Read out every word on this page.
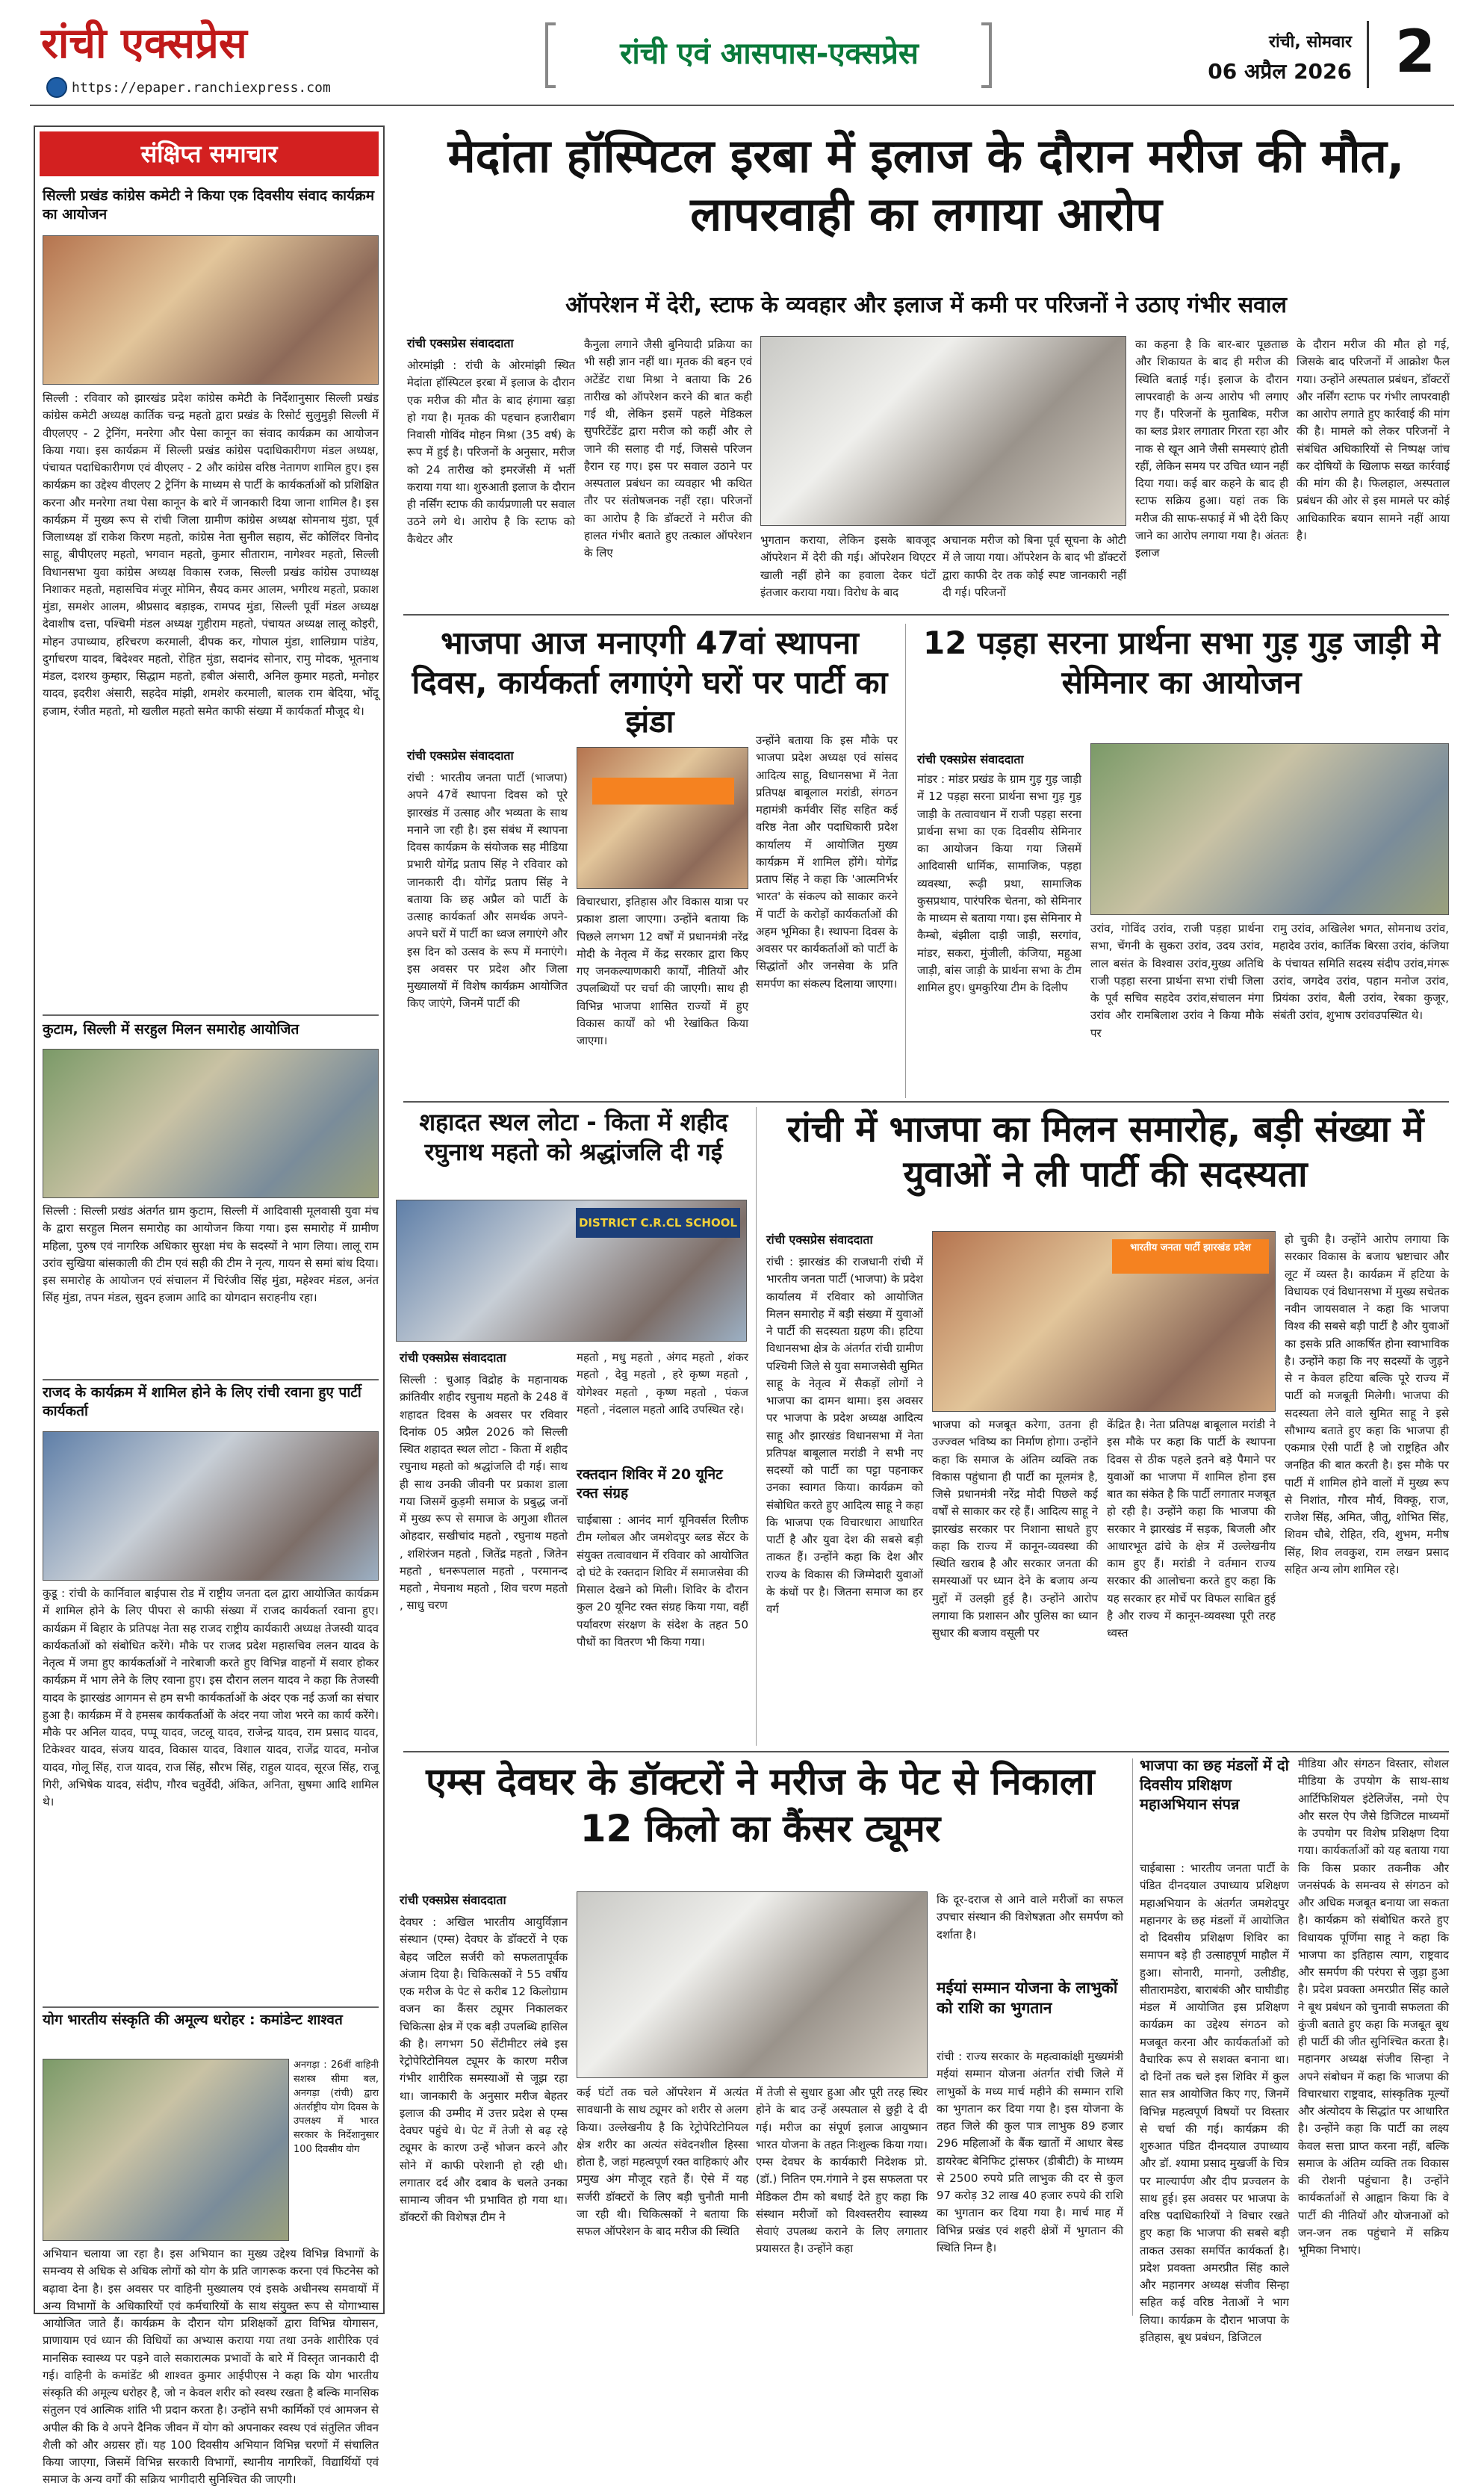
रांची एक्सप्रेस
https://epaper.ranchiexpress.com
रांची एवं आसपास-एक्सप्रेस	रांची, सोमवार
06 अप्रैल 2026 2
संक्षिप्त समाचार
सिल्ली प्रखंड कांग्रेस कमेटी ने किया एक दिवसीय संवाद कार्यक्रम का आयोजन
सिल्ली : रविवार को झारखंड प्रदेश कांग्रेस कमेटी के निर्देशानुसार सिल्ली प्रखंड कांग्रेस कमेटी अध्यक्ष कार्तिक चन्द्र महतो द्वारा प्रखंड के रिसोर्ट सुलुमुड़ी सिल्ली में वीएलएए - 2 ट्रेनिंग, मनरेगा और पेसा कानून का संवाद कार्यक्रम का आयोजन किया गया। इस कार्यक्रम में सिल्ली प्रखंड कांग्रेस पदाधिकारीगण मंडल अध्यक्ष, पंचायत पदाधिकारीगण एवं वीएलए - 2 और कांग्रेस वरिष्ठ नेतागण शामिल हुए। इस कार्यक्रम का उद्देश्य वीएलए 2 ट्रेनिंग के माध्यम से पार्टी के कार्यकर्ताओं को प्रशिक्षित करना और मनरेगा तथा पेसा कानून के बारे में जानकारी दिया जाना शामिल है। इस कार्यक्रम में मुख्य रूप से रांची जिला ग्रामीण कांग्रेस अध्यक्ष सोमनाथ मुंडा, पूर्व जिलाध्यक्ष डॉ राकेश किरण महतो, कांग्रेस नेता सुनील सहाय, सेंट कोलिंदर विनोद साहू, बीपीएलए महतो, भगवान महतो, कुमार सीताराम, नागेश्वर महतो, सिल्ली विधानसभा युवा कांग्रेस अध्यक्ष विकास रजक, सिल्ली प्रखंड कांग्रेस उपाध्यक्ष निशाकर महतो, महासचिव मंजूर मोमिन, सैयद कमर आलम, भगीरथ महतो, प्रकाश मुंडा, समशेर आलम, श्रीप्रसाद बड़ाइक, रामपद मुंडा, सिल्ली पूर्वी मंडल अध्यक्ष देवाशीष दत्ता, पश्चिमी मंडल अध्यक्ष गुहीराम महतो, पंचायत अध्यक्ष लालू कोइरी, मोहन उपाध्याय, हरिचरण करमाली, दीपक कर, गोपाल मुंडा, शालिग्राम पांडेय, दुर्गाचरण यादव, बिदेश्वर महतो, रोहित मुंडा, सदानंद सोनार, रामु मोदक, भूतनाथ मंडल, दशरथ कुम्हार, सिद्धाम महतो, हबील अंसारी, अनिल कुमार महतो, मनोहर यादव, इदरीश अंसारी, सहदेव मांझी, शमशेर करमाली, बालक राम बेदिया, भोंदू हजाम, रंजीत महतो, मो खलील महतो समेत काफी संख्या में कार्यकर्ता मौजूद थे।
कुटाम, सिल्ली में सरहुल मिलन समारोह आयोजित
सिल्ली : सिल्ली प्रखंड अंतर्गत ग्राम कुटाम, सिल्ली में आदिवासी मूलवासी युवा मंच के द्वारा सरहुल मिलन समारोह का आयोजन किया गया। इस समारोह में ग्रामीण महिला, पुरुष एवं नागरिक अधिकार सुरक्षा मंच के सदस्यों ने भाग लिया। लालू राम उरांव सुखिया बांसकाली की टीम एवं सही की टीम ने नृत्य, गायन से समां बांध दिया। इस समारोह के आयोजन एवं संचालन में चिरंजीव सिंह मुंडा, महेश्वर मंडल, अनंत सिंह मुंडा, तपन मंडल, सुदन हजाम आदि का योगदान सराहनीय रहा।
राजद के कार्यक्रम में शामिल होने के लिए रांची रवाना हुए पार्टी कार्यकर्ता
कुडू : रांची के कार्निवाल बाईपास रोड में राष्ट्रीय जनता दल द्वारा आयोजित कार्यक्रम में शामिल होने के लिए पीपरा से काफी संख्या में राजद कार्यकर्ता रवाना हुए। कार्यक्रम में बिहार के प्रतिपक्ष नेता सह राजद राष्ट्रीय कार्यकारी अध्यक्ष तेजस्वी यादव कार्यकर्ताओं को संबोधित करेंगे। मौके पर राजद प्रदेश महासचिव ललन यादव के नेतृत्व में जमा हुए कार्यकर्ताओं ने नारेबाजी करते हुए विभिन्न वाहनों में सवार होकर कार्यक्रम में भाग लेने के लिए रवाना हुए। इस दौरान ललन यादव ने कहा कि तेजस्वी यादव के झारखंड आगमन से हम सभी कार्यकर्ताओं के अंदर एक नई ऊर्जा का संचार हुआ है। कार्यक्रम में वे हमसब कार्यकर्ताओं के अंदर नया जोश भरने का कार्य करेंगे। मौके पर अनिल यादव, पप्पू यादव, जटलू यादव, राजेन्द्र यादव, राम प्रसाद यादव, टिकेश्वर यादव, संजय यादव, विकास यादव, विशाल यादव, राजेंद्र यादव, मनोज यादव, गोलू सिंह, राज यादव, राज सिंह, सौरभ सिंह, राहुल यादव, सूरज सिंह, राजू गिरी, अभिषेक यादव, संदीप, गौरव चतुर्वेदी, अंकित, अनिता, सुषमा आदि शामिल थे।
योग भारतीय संस्कृति की अमूल्य धरोहर : कमांडेन्ट शाश्वत
अनगड़ा : 26वीं वाहिनी सशस्त्र सीमा बल, अनगड़ा (रांची) द्वारा अंतर्राष्ट्रीय योग दिवस के उपलक्ष्य में भारत सरकार के निर्देशानुसार 100 दिवसीय योग
अभियान चलाया जा रहा है। इस अभियान का मुख्य उद्देश्य विभिन्न विभागों के समन्वय से अधिक से अधिक लोगों को योग के प्रति जागरूक करना एवं फिटनेस को बढ़ावा देना है। इस अवसर पर वाहिनी मुख्यालय एवं इसके अधीनस्थ समवायों में अन्य विभागों के अधिकारियों एवं कर्मचारियों के साथ संयुक्त रूप से योगाभ्यास आयोजित जाते हैं। कार्यक्रम के दौरान योग प्रशिक्षकों द्वारा विभिन्न योगासन, प्राणायाम एवं ध्यान की विधियों का अभ्यास कराया गया तथा उनके शारीरिक एवं मानसिक स्वास्थ्य पर पड़ने वाले सकारात्मक प्रभावों के बारे में विस्तृत जानकारी दी गई। वाहिनी के कमांडेंट श्री शाश्वत कुमार आईपीएस ने कहा कि योग भारतीय संस्कृति की अमूल्य धरोहर है, जो न केवल शरीर को स्वस्थ रखता है बल्कि मानसिक संतुलन एवं आत्मिक शांति भी प्रदान करता है। उन्होंने सभी कार्मिकों एवं आमजन से अपील की कि वे अपने दैनिक जीवन में योग को अपनाकर स्वस्थ एवं संतुलित जीवन शैली को और अग्रसर हों। यह 100 दिवसीय अभियान विभिन्न चरणों में संचालित किया जाएगा, जिसमें विभिन्न सरकारी विभागों, स्थानीय नागरिकों, विद्यार्थियों एवं समाज के अन्य वर्गों की सक्रिय भागीदारी सुनिश्चित की जाएगी।
मेदांता हॉस्पिटल इरबा में इलाज के दौरान मरीज की मौत, लापरवाही का लगाया आरोप
ऑपरेशन में देरी, स्टाफ के व्यवहार और इलाज में कमी पर परिजनों ने उठाए गंभीर सवाल
रांची एक्सप्रेस संवाददाता
ओरमांझी : रांची के ओरमांझी स्थित मेदांता हॉस्पिटल इरबा में इलाज के दौरान एक मरीज की मौत के बाद हंगामा खड़ा हो गया है। मृतक की पहचान हजारीबाग निवासी गोविंद मोहन मिश्रा (35 वर्ष) के रूप में हुई है। परिजनों के अनुसार, मरीज को 24 तारीख को इमरजेंसी में भर्ती कराया गया था। शुरुआती इलाज के दौरान ही नर्सिंग स्टाफ की कार्यप्रणाली पर सवाल उठने लगे थे। आरोप है कि स्टाफ को कैथेटर और
कैनुला लगाने जैसी बुनियादी प्रक्रिया का भी सही ज्ञान नहीं था। मृतक की बहन एवं अटेंडेंट राधा मिश्रा ने बताया कि 26 तारीख को ऑपरेशन करने की बात कही गई थी, लेकिन इसमें पहले मेडिकल सुपरिटेंडेंट द्वारा मरीज को कहीं और ले जाने की सलाह दी गई, जिससे परिजन हैरान रह गए। इस पर सवाल उठाने पर अस्पताल प्रबंधन का व्यवहार भी कथित तौर पर संतोषजनक नहीं रहा। परिजनों का आरोप है कि डॉक्टरों ने मरीज की हालत गंभीर बताते हुए तत्काल ऑपरेशन के लिए
भुगतान कराया, लेकिन इसके बावजूद ऑपरेशन में देरी की गई। ऑपरेशन थिएटर खाली नहीं होने का हवाला देकर घंटों इंतजार कराया गया। विरोध के बाद
अचानक मरीज को बिना पूर्व सूचना के ओटी में ले जाया गया। ऑपरेशन के बाद भी डॉक्टरों द्वारा काफी देर तक कोई स्पष्ट जानकारी नहीं दी गई। परिजनों
का कहना है कि बार-बार पूछताछ और शिकायत के बाद ही मरीज की स्थिति बताई गई। इलाज के दौरान लापरवाही के अन्य आरोप भी लगाए गए हैं। परिजनों के मुताबिक, मरीज का ब्लड प्रेशर लगातार गिरता रहा और नाक से खून आने जैसी समस्याएं होती रहीं, लेकिन समय पर उचित ध्यान नहीं दिया गया। कई बार कहने के बाद ही स्टाफ सक्रिय हुआ। यहां तक कि मरीज की साफ-सफाई में भी देरी किए जाने का आरोप लगाया गया है। अंततः इलाज
के दौरान मरीज की मौत हो गई, जिसके बाद परिजनों में आक्रोश फैल गया। उन्होंने अस्पताल प्रबंधन, डॉक्टरों और नर्सिंग स्टाफ पर गंभीर लापरवाही का आरोप लगाते हुए कार्रवाई की मांग की है। मामले को लेकर परिजनों ने संबंधित अधिकारियों से निष्पक्ष जांच कर दोषियों के खिलाफ सख्त कार्रवाई की मांग की है। फिलहाल, अस्पताल प्रबंधन की ओर से इस मामले पर कोई आधिकारिक बयान सामने नहीं आया है।
भाजपा आज मनाएगी 47वां स्थापना दिवस, कार्यकर्ता लगाएंगे घरों पर पार्टी का झंडा
रांची एक्सप्रेस संवाददाता
रांची : भारतीय जनता पार्टी (भाजपा) अपने 47वें स्थापना दिवस को पूरे झारखंड में उत्साह और भव्यता के साथ मनाने जा रही है। इस संबंध में स्थापना दिवस कार्यक्रम के संयोजक सह मीडिया प्रभारी योगेंद्र प्रताप सिंह ने रविवार को जानकारी दी। योगेंद्र प्रताप सिंह ने बताया कि छह अप्रैल को पार्टी के उत्साह कार्यकर्ता और समर्थक अपने-अपने घरों में पार्टी का ध्वज लगाएंगे और इस दिन को उत्सव के रूप में मनाएंगे। इस अवसर पर प्रदेश और जिला मुख्यालयों में विशेष कार्यक्रम आयोजित किए जाएंगे, जिनमें पार्टी की
विचारधारा, इतिहास और विकास यात्रा पर प्रकाश डाला जाएगा। उन्होंने बताया कि पिछले लगभग 12 वर्षों में प्रधानमंत्री नरेंद्र मोदी के नेतृत्व में केंद्र सरकार द्वारा किए गए जनकल्याणकारी कार्यों, नीतियों और उपलब्धियों पर चर्चा की जाएगी। साथ ही विभिन्न भाजपा शासित राज्यों में हुए विकास कार्यों को भी रेखांकित किया जाएगा।
उन्होंने बताया कि इस मौके पर भाजपा प्रदेश अध्यक्ष एवं सांसद आदित्य साहू, विधानसभा में नेता प्रतिपक्ष बाबूलाल मरांडी, संगठन महामंत्री कर्मवीर सिंह सहित कई वरिष्ठ नेता और पदाधिकारी प्रदेश कार्यालय में आयोजित मुख्य कार्यक्रम में शामिल होंगे। योगेंद्र प्रताप सिंह ने कहा कि 'आत्मनिर्भर भारत' के संकल्प को साकार करने में पार्टी के करोड़ों कार्यकर्ताओं की अहम भूमिका है। स्थापना दिवस के अवसर पर कार्यकर्ताओं को पार्टी के सिद्धांतों और जनसेवा के प्रति समर्पण का संकल्प दिलाया जाएगा।
12 पड़हा सरना प्रार्थना सभा गुड़ गुड़ जाड़ी मे सेमिनार का आयोजन
रांची एक्सप्रेस संवाददाता
मांडर : मांडर प्रखंड के ग्राम गुड़ गुड़ जाड़ी में 12 पड़हा सरना प्रार्थना सभा गुड़ गुड़ जाड़ी के तत्वावधान में राजी पड़हा सरना प्रार्थना सभा का एक दिवसीय सेमिनार का आयोजन किया गया जिसमें आदिवासी धार्मिक, सामाजिक, पड़हा व्यवस्था, रूढ़ी प्रथा, सामाजिक कुसप्रथाय, पारंपरिक चेतना, को सेमिनार के माध्यम से बताया गया। इस सेमिनार मे कैम्बो, बंझीला दाड़ी जाड़ी, सरगांव, मांडर, सकरा, मुंजीली, कंजिया, महुआ जाड़ी, बांस जाड़ी के प्रार्थना सभा के टीम शामिल हुए। धुमकुरिया टीम के दिलीप
उरांव, गोविंद उरांव, राजी पड़हा प्रार्थना सभा, चेंगनी के सुकरा उरांव, उदय उरांव, लाल बसंत के विश्वास उरांव,मुख्य अतिथि राजी पड़हा सरना प्रार्थना सभा रांची जिला के पूर्व सचिव सहदेव उरांव,संचालन मंगा उरांव और रामबिलाश उरांव ने किया मौके पर
रामु उरांव, अखिलेश भगत, सोमनाथ उरांव, महादेव उरांव, कार्तिक बिरसा उरांव, कंजिया के पंचायत समिति सदस्य संदीप उरांव,मंगरू उरांव, जगदेव उरांव, पहान मनोज उरांव, प्रियंका उरांव, बैली उरांव, रेबका कुजूर, संबंती उरांव, शुभाष उरांवउपस्थित थे।
शहादत स्थल लोटा - किता में शहीद रघुनाथ महतो को श्रद्धांजलि दी गई
DISTRICT C.R.CL SCHOOL
रांची एक्सप्रेस संवाददाता
सिल्ली : चुआड़ विद्रोह के महानायक क्रांतिवीर शहीद रघुनाथ महतो के 248 वें शहादत दिवस के अवसर पर रविवार दिनांक 05 अप्रैल 2026 को सिल्ली स्थित शहादत स्थल लोटा - किता में शहीद रघुनाथ महतो को श्रद्धांजलि दी गई। साथ ही साथ उनकी जीवनी पर प्रकाश डाला गया जिसमें कुड़मी समाज के प्रबुद्ध जनों में मुख्य रूप से समाज के अगुआ शीतल ओहदार, सखीचांद महतो , रघुनाथ महतो , शशिरंजन महतो , जितेंद्र महतो , जितेन महतो , धनरूपलाल महतो , परमानन्द महतो , मेघनाथ महतो , शिव चरण महतो , साधु चरण
महतो , मधु महतो , अंगद महतो , शंकर महतो , देवु महतो , हरे कृष्ण महतो , योगेश्वर महतो , कृष्ण महतो , पंकज महतो , नंदलाल महतो आदि उपस्थित रहे।
रक्तदान शिविर में 20 यूनिट रक्त संग्रह
चाईबासा : आनंद मार्ग यूनिवर्सल रिलीफ टीम ग्लोबल और जमशेदपुर ब्लड सेंटर के संयुक्त तत्वावधान में रविवार को आयोजित दो घंटे के रक्तदान शिविर में समाजसेवा की मिसाल देखने को मिली। शिविर के दौरान कुल 20 यूनिट रक्त संग्रह किया गया, वहीं पर्यावरण संरक्षण के संदेश के तहत 50 पौधों का वितरण भी किया गया।
रांची में भाजपा का मिलन समारोह, बड़ी संख्या में युवाओं ने ली पार्टी की सदस्यता
रांची एक्सप्रेस संवाददाता
रांची : झारखंड की राजधानी रांची में भारतीय जनता पार्टी (भाजपा) के प्रदेश कार्यालय में रविवार को आयोजित मिलन समारोह में बड़ी संख्या में युवाओं ने पार्टी की सदस्यता ग्रहण की। हटिया विधानसभा क्षेत्र के अंतर्गत रांची ग्रामीण पश्चिमी जिले से युवा समाजसेवी सुमित साहू के नेतृत्व में सैकड़ों लोगों ने भाजपा का दामन थामा। इस अवसर पर भाजपा के प्रदेश अध्यक्ष आदित्य साहू और झारखंड विधानसभा में नेता प्रतिपक्ष बाबूलाल मरांडी ने सभी नए सदस्यों को पार्टी का पट्टा पहनाकर उनका स्वागत किया। कार्यक्रम को संबोधित करते हुए आदित्य साहू ने कहा कि भाजपा एक विचारधारा आधारित पार्टी है और युवा देश की सबसे बड़ी ताकत हैं। उन्होंने कहा कि देश और राज्य के विकास की जिम्मेदारी युवाओं के कंधों पर है। जितना समाज का हर वर्ग
भारतीय जनता पार्टी झारखंड प्रदेश
भाजपा को मजबूत करेगा, उतना ही उज्ज्वल भविष्य का निर्माण होगा। उन्होंने कहा कि समाज के अंतिम व्यक्ति तक विकास पहुंचाना ही पार्टी का मूलमंत्र है, जिसे प्रधानमंत्री नरेंद्र मोदी पिछले कई वर्षों से साकार कर रहे हैं। आदित्य साहू ने झारखंड सरकार पर निशाना साधते हुए कहा कि राज्य में कानून-व्यवस्था की स्थिति खराब है और सरकार जनता की समस्याओं पर ध्यान देने के बजाय अन्य मुद्दों में उलझी हुई है। उन्होंने आरोप लगाया कि प्रशासन और पुलिस का ध्यान सुधार की बजाय वसूली पर
केंद्रित है। नेता प्रतिपक्ष बाबूलाल मरांडी ने इस मौके पर कहा कि पार्टी के स्थापना दिवस से ठीक पहले इतने बड़े पैमाने पर युवाओं का भाजपा में शामिल होना इस बात का संकेत है कि पार्टी लगातार मजबूत हो रही है। उन्होंने कहा कि भाजपा की सरकार ने झारखंड में सड़क, बिजली और आधारभूत ढांचे के क्षेत्र में उल्लेखनीय काम हुए हैं। मरांडी ने वर्तमान राज्य सरकार की आलोचना करते हुए कहा कि यह सरकार हर मोर्चे पर विफल साबित हुई है और राज्य में कानून-व्यवस्था पूरी तरह ध्वस्त
हो चुकी है। उन्होंने आरोप लगाया कि सरकार विकास के बजाय भ्रष्टाचार और लूट में व्यस्त है। कार्यक्रम में हटिया के विधायक एवं विधानसभा में मुख्य सचेतक नवीन जायसवाल ने कहा कि भाजपा विश्व की सबसे बड़ी पार्टी है और युवाओं का इसके प्रति आकर्षित होना स्वाभाविक है। उन्होंने कहा कि नए सदस्यों के जुड़ने से न केवल हटिया बल्कि पूरे राज्य में पार्टी को मजबूती मिलेगी। भाजपा की सदस्यता लेने वाले सुमित साहू ने इसे सौभाग्य बताते हुए कहा कि भाजपा ही एकमात्र ऐसी पार्टी है जो राष्ट्रहित और जनहित की बात करती है। इस मौके पर पार्टी में शामिल होने वालों में मुख्य रूप से निशांत, गौरव मौर्य, विक्कू, राज, राजेश सिंह, अमित, जीतू, शोभित सिंह, शिवम चौबे, रोहित, रवि, शुभम, मनीष सिंह, शिव लवकुश, राम लखन प्रसाद सहित अन्य लोग शामिल रहे।
एम्स देवघर के डॉक्टरों ने मरीज के पेट से निकाला 12 किलो का कैंसर ट्यूमर
रांची एक्सप्रेस संवाददाता
देवघर : अखिल भारतीय आयुर्विज्ञान संस्थान (एम्स) देवघर के डॉक्टरों ने एक बेहद जटिल सर्जरी को सफलतापूर्वक अंजाम दिया है। चिकित्सकों ने 55 वर्षीय एक मरीज के पेट से करीब 12 किलोग्राम वजन का कैंसर ट्यूमर निकालकर चिकित्सा क्षेत्र में एक बड़ी उपलब्धि हासिल की है। लगभग 50 सेंटीमीटर लंबे इस रेट्रोपेरिटोनियल ट्यूमर के कारण मरीज गंभीर शारीरिक समस्याओं से जूझ रहा था। जानकारी के अनुसार मरीज बेहतर इलाज की उम्मीद में उत्तर प्रदेश से एम्स देवघर पहुंचे थे। पेट में तेजी से बढ़ रहे ट्यूमर के कारण उन्हें भोजन करने और सोने में काफी परेशानी हो रही थी। लगातार दर्द और दबाव के चलते उनका सामान्य जीवन भी प्रभावित हो गया था। डॉक्टरों की विशेषज्ञ टीम ने
कई घंटों तक चले ऑपरेशन में अत्यंत सावधानी के साथ ट्यूमर को शरीर से अलग किया। उल्लेखनीय है कि रेट्रोपेरिटोनियल क्षेत्र शरीर का अत्यंत संवेदनशील हिस्सा होता है, जहां महत्वपूर्ण रक्त वाहिकाएं और प्रमुख अंग मौजूद रहते हैं। ऐसे में यह सर्जरी डॉक्टरों के लिए बड़ी चुनौती मानी जा रही थी। चिकित्सकों ने बताया कि सफल ऑपरेशन के बाद मरीज की स्थिति
में तेजी से सुधार हुआ और पूरी तरह स्थिर होने के बाद उन्हें अस्पताल से छुट्टी दे दी गई। मरीज का संपूर्ण इलाज आयुष्मान भारत योजना के तहत निःशुल्क किया गया। एम्स देवघर के कार्यकारी निदेशक प्रो. (डॉ.) नितिन एम.गंगाने ने इस सफलता पर मेडिकल टीम को बधाई देते हुए कहा कि संस्थान मरीजों को विश्वस्तरीय स्वास्थ्य सेवाएं उपलब्ध कराने के लिए लगातार प्रयासरत है। उन्होंने कहा
कि दूर-दराज से आने वाले मरीजों का सफल उपचार संस्थान की विशेषज्ञता और समर्पण को दर्शाता है।
मईयां सम्मान योजना के लाभुकों को राशि का भुगतान
रांची : राज्य सरकार के महत्वाकांक्षी मुख्यमंत्री मईयां सम्मान योजना अंतर्गत रांची जिले में लाभुकों के मध्य मार्च महीने की सम्मान राशि का भुगतान कर दिया गया है। इस योजना के तहत जिले की कुल पात्र लाभुक 89 हजार 296 महिलाओं के बैंक खातों में आधार बेस्ड डायरेक्ट बेनिफिट ट्रांसफर (डीबीटी) के माध्यम से 2500 रुपये प्रति लाभुक की दर से कुल 97 करोड़ 32 लाख 40 हजार रुपये की राशि का भुगतान कर दिया गया है। मार्च माह में विभिन्न प्रखंड एवं शहरी क्षेत्रों में भुगतान की स्थिति निम्न है।
भाजपा का छह मंडलों में दो दिवसीय प्रशिक्षण महाअभियान संपन्न
चाईबासा : भारतीय जनता पार्टी के पंडित दीनदयाल उपाध्याय प्रशिक्षण महाअभियान के अंतर्गत जमशेदपुर महानगर के छह मंडलों में आयोजित दो दिवसीय प्रशिक्षण शिविर का समापन बड़े ही उत्साहपूर्ण माहौल में हुआ। सोनारी, मानगो, उलीडीह, सीतारामडेरा, बाराबंकी और घाघीडीह मंडल में आयोजित इस प्रशिक्षण कार्यक्रम का उद्देश्य संगठन को मजबूत करना और कार्यकर्ताओं को वैचारिक रूप से सशक्त बनाना था। दो दिनों तक चले इस शिविर में कुल सात सत्र आयोजित किए गए, जिनमें विभिन्न महत्वपूर्ण विषयों पर विस्तार से चर्चा की गई। कार्यक्रम की शुरुआत पंडित दीनदयाल उपाध्याय और डॉ. श्यामा प्रसाद मुखर्जी के चित्र पर माल्यार्पण और दीप प्रज्वलन के साथ हुई। इस अवसर पर भाजपा के वरिष्ठ पदाधिकारियों ने विचार रखते हुए कहा कि भाजपा की सबसे बड़ी ताकत उसका समर्पित कार्यकर्ता है। प्रदेश प्रवक्ता अमरप्रीत सिंह काले और महानगर अध्यक्ष संजीव सिन्हा सहित कई वरिष्ठ नेताओं ने भाग लिया। कार्यक्रम के दौरान भाजपा के इतिहास, बूथ प्रबंधन, डिजिटल
मीडिया और संगठन विस्तार, सोशल मीडिया के उपयोग के साथ-साथ आर्टिफिशियल इंटेलिजेंस, नमो ऐप और सरल ऐप जैसे डिजिटल माध्यमों के उपयोग पर विशेष प्रशिक्षण दिया गया। कार्यकर्ताओं को यह बताया गया कि किस प्रकार तकनीक और जनसंपर्क के समन्वय से संगठन को और अधिक मजबूत बनाया जा सकता है। कार्यक्रम को संबोधित करते हुए विधायक पूर्णिमा साहू ने कहा कि भाजपा का इतिहास त्याग, राष्ट्रवाद और समर्पण की परंपरा से जुड़ा हुआ है। प्रदेश प्रवक्ता अमरप्रीत सिंह काले ने बूथ प्रबंधन को चुनावी सफलता की कुंजी बताते हुए कहा कि मजबूत बूथ ही पार्टी की जीत सुनिश्चित करता है। महानगर अध्यक्ष संजीव सिन्हा ने अपने संबोधन में कहा कि भाजपा की विचारधारा राष्ट्रवाद, सांस्कृतिक मूल्यों और अंत्योदय के सिद्धांत पर आधारित है। उन्होंने कहा कि पार्टी का लक्ष्य केवल सत्ता प्राप्त करना नहीं, बल्कि समाज के अंतिम व्यक्ति तक विकास की रोशनी पहुंचाना है। उन्होंने कार्यकर्ताओं से आह्वान किया कि वे पार्टी की नीतियों और योजनाओं को जन-जन तक पहुंचाने में सक्रिय भूमिका निभाएं।
